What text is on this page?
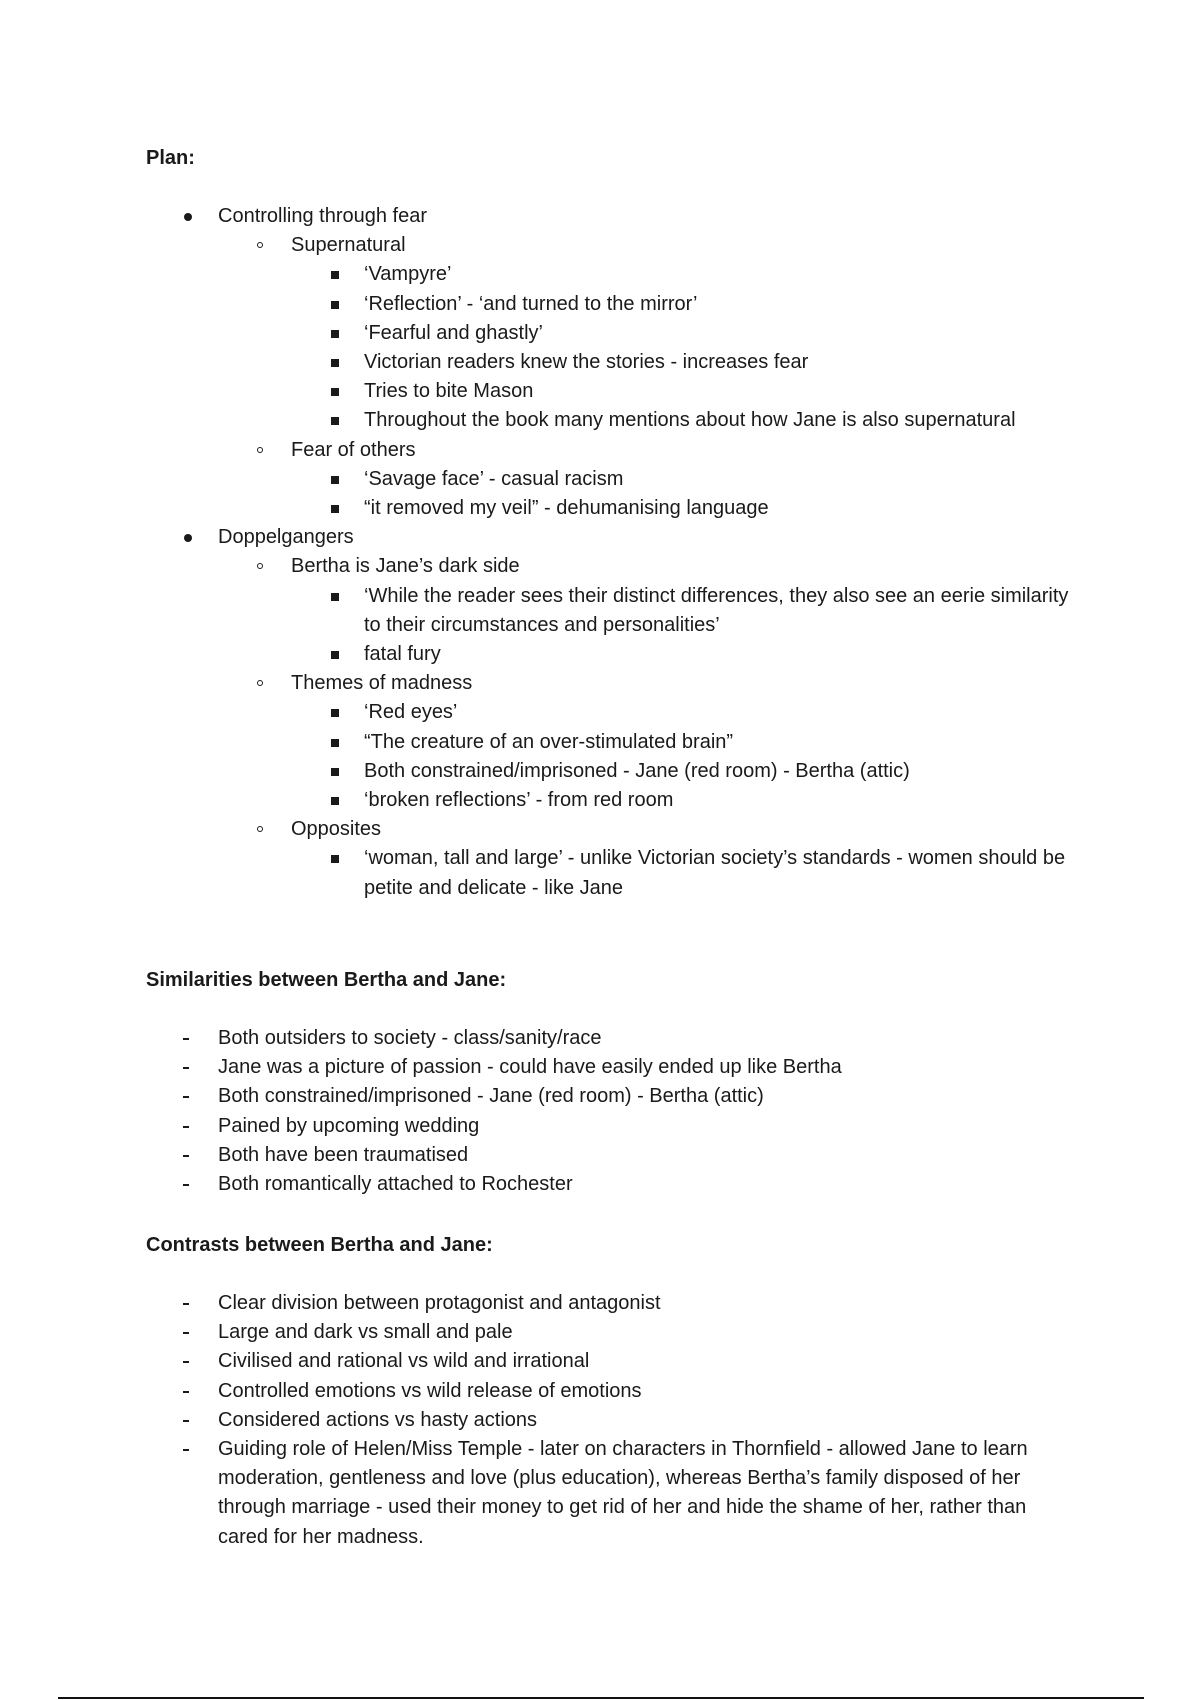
Plan:
Controlling through fear
Supernatural
‘Vampyre’
‘Reflection’ - ‘and turned to the mirror’
‘Fearful and ghastly’
Victorian readers knew the stories - increases fear
Tries to bite Mason
Throughout the book many mentions about how Jane is also supernatural
Fear of others
‘Savage face’ - casual racism
“it removed my veil” - dehumanising language
Doppelgangers
Bertha is Jane’s dark side
‘While the reader sees their distinct differences, they also see an eerie similarity to their circumstances and personalities’
fatal fury
Themes of madness
‘Red eyes’
“The creature of an over-stimulated brain”
Both constrained/imprisoned - Jane (red room) - Bertha (attic)
‘broken reflections’ - from red room
Opposites
‘woman, tall and large’ - unlike Victorian society’s standards - women should be petite and delicate - like Jane
Similarities between Bertha and Jane:
Both outsiders to society - class/sanity/race
Jane was a picture of passion - could have easily ended up like Bertha
Both constrained/imprisoned - Jane (red room) - Bertha (attic)
Pained by upcoming wedding
Both have been traumatised
Both romantically attached to Rochester
Contrasts between Bertha and Jane:
Clear division between protagonist and antagonist
Large and dark vs small and pale
Civilised and rational vs wild and irrational
Controlled emotions vs wild release of emotions
Considered actions vs hasty actions
Guiding role of Helen/Miss Temple - later on characters in Thornfield - allowed Jane to learn moderation, gentleness and love (plus education), whereas Bertha’s family disposed of her through marriage - used their money to get rid of her and hide the shame of her, rather than cared for her madness.
